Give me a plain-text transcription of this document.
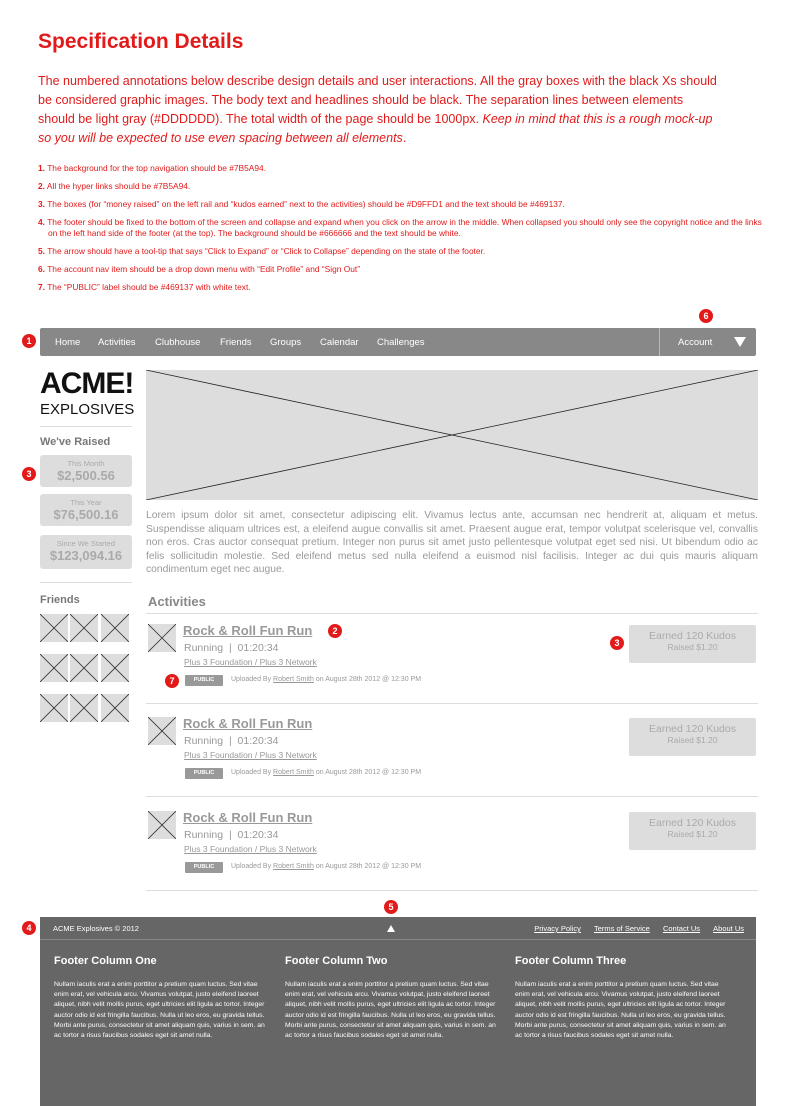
Specification Details
The numbered annotations below describe design details and user interactions. All the gray boxes with the black Xs should be considered graphic images. The body text and headlines should be black. The separation lines between elements should be light gray (#DDDDDD). The total width of the page should be 1000px. Keep in mind that this is a rough mock-up so you will be expected to use even spacing between all elements.
1. The background for the top navigation should be #7B5A94.
2. All the hyper links should be #7B5A94.
3. The boxes (for “money raised” on the left rail and “kudos earned” next to the activities) should be #D9FFD1 and the text should be #469137.
4. The footer should be fixed to the bottom of the screen and collapse and expand when you click on the arrow in the middle. When collapsed you should only see the copyright notice and the links on the left hand side of the footer (at the top). The background should be #666666 and the text should be white.
5. The arrow should have a tool-tip that says “Click to Expand” or “Click to Collapse” depending on the state of the footer.
6. The account nav item should be a drop down menu with “Edit Profile” and “Sign Out”
7. The “PUBLIC” label should be #469137 with white text.
1
6
3
2
3
7
4
5
Home Activities Clubhouse Friends Groups Calendar Challenges	Account
ACME!
EXPLOSIVES
We've Raised
This Month
$2,500.56
This Year
$76,500.16
Since We Started
$123,094.16
Friends
Lorem ipsum dolor sit amet, consectetur adipiscing elit. Vivamus lectus ante, accumsan nec hendrerit at, aliquam et metus. Suspendisse aliquam ultrices est, a eleifend augue convallis sit amet. Praesent augue erat, tempor volutpat scelerisque vel, convallis non eros. Cras auctor consequat pretium. Integer non purus sit amet justo pellentesque volutpat eget sed nisi. Ut bibendum odio ac felis sollicitudin molestie. Sed eleifend metus sed nulla eleifend a euismod nisl facilisis. Integer ac dui quis mauris aliquam condimentum eget nec augue.
Activities
Rock & Roll Fun Run
Running  |  01:20:34
Plus 3 Foundation / Plus 3 Network
PUBLIC	Uploaded By Robert Smith on August 28th 2012 @ 12:30 PM
Earned 120 Kudos
Raised $1.20
Rock & Roll Fun Run
Running  |  01:20:34
Plus 3 Foundation / Plus 3 Network
PUBLIC	Uploaded By Robert Smith on August 28th 2012 @ 12:30 PM
Earned 120 Kudos
Raised $1.20
Rock & Roll Fun Run
Running  |  01:20:34
Plus 3 Foundation / Plus 3 Network
PUBLIC	Uploaded By Robert Smith on August 28th 2012 @ 12:30 PM
Earned 120 Kudos
Raised $1.20
ACME Explosives © 2012	Privacy Policy Terms of Service Contact Us About Us
Footer Column One

Nullam iaculis erat a enim porttitor a pretium quam luctus. Sed vitae enim erat, vel vehicula arcu. Vivamus volutpat, justo eleifend laoreet aliquet, nibh velit mollis purus, eget ultricies elit ligula ac tortor. Integer auctor odio id est fringilla faucibus. Nulla ut leo eros, eu gravida tellus. Morbi ante purus, consectetur sit amet aliquam quis, varius in sem. an ac tortor a risus faucibus sodales eget sit amet nulla.

Footer Column Two

Nullam iaculis erat a enim porttitor a pretium quam luctus. Sed vitae enim erat, vel vehicula arcu. Vivamus volutpat, justo eleifend laoreet aliquet, nibh velit mollis purus, eget ultricies elit ligula ac tortor. Integer auctor odio id est fringilla faucibus. Nulla ut leo eros, eu gravida tellus. Morbi ante purus, consectetur sit amet aliquam quis, varius in sem. an ac tortor a risus faucibus sodales eget sit amet nulla.

Footer Column Three

Nullam iaculis erat a enim porttitor a pretium quam luctus. Sed vitae enim erat, vel vehicula arcu. Vivamus volutpat, justo eleifend laoreet aliquet, nibh velit mollis purus, eget ultricies elit ligula ac tortor. Integer auctor odio id est fringilla faucibus. Nulla ut leo eros, eu gravida tellus. Morbi ante purus, consectetur sit amet aliquam quis, varius in sem. an ac tortor a risus faucibus sodales eget sit amet nulla.
